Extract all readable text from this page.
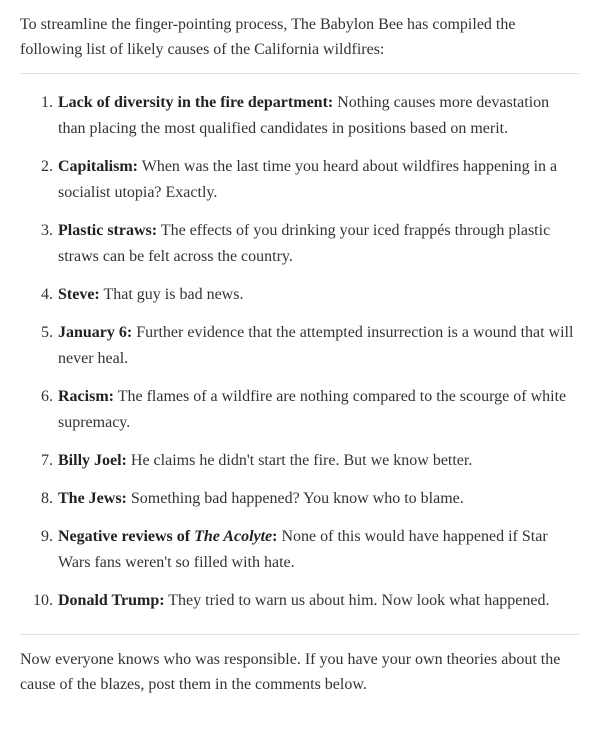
To streamline the finger-pointing process, The Babylon Bee has compiled the following list of likely causes of the California wildfires:

1. Lack of diversity in the fire department: Nothing causes more devastation than placing the most qualified candidates in positions based on merit.
2. Capitalism: When was the last time you heard about wildfires happening in a socialist utopia? Exactly.
3. Plastic straws: The effects of you drinking your iced frappés through plastic straws can be felt across the country.
4. Steve: That guy is bad news.
5. January 6: Further evidence that the attempted insurrection is a wound that will never heal.
6. Racism: The flames of a wildfire are nothing compared to the scourge of white supremacy.
7. Billy Joel: He claims he didn't start the fire. But we know better.
8. The Jews: Something bad happened? You know who to blame.
9. Negative reviews of The Acolyte: None of this would have happened if Star Wars fans weren't so filled with hate.
10. Donald Trump: They tried to warn us about him. Now look what happened.

Now everyone knows who was responsible. If you have your own theories about the cause of the blazes, post them in the comments below.
